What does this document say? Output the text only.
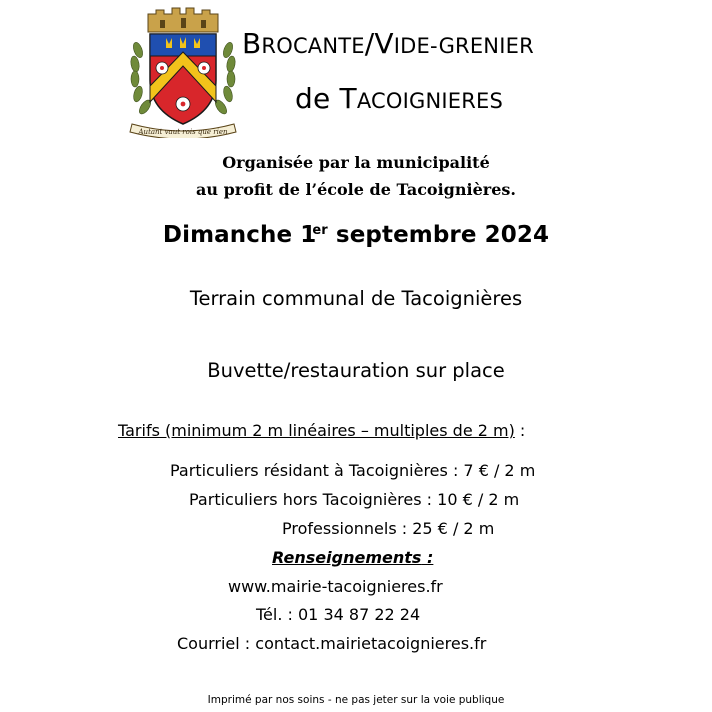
Autant vaut rois que rien
BROCANTE/VIDE-GRENIER
de TACOIGNIERES
Organisée par la municipalité
au profit de l’école de Tacoignières.
Dimanche 1er septembre 2024
Terrain communal de Tacoignières
Buvette/restauration sur place
Tarifs (minimum 2 m linéaires – multiples de 2 m) :
Particuliers résidant à Tacoignières : 7 € / 2 m
Particuliers hors Tacoignières : 10 € / 2 m
Professionnels : 25 € / 2 m
Renseignements :
www.mairie-tacoignieres.fr
Tél. : 01 34 87 22 24
Courriel : contact.mairietacoignieres.fr
Imprimé par nos soins - ne pas jeter sur la voie publique
